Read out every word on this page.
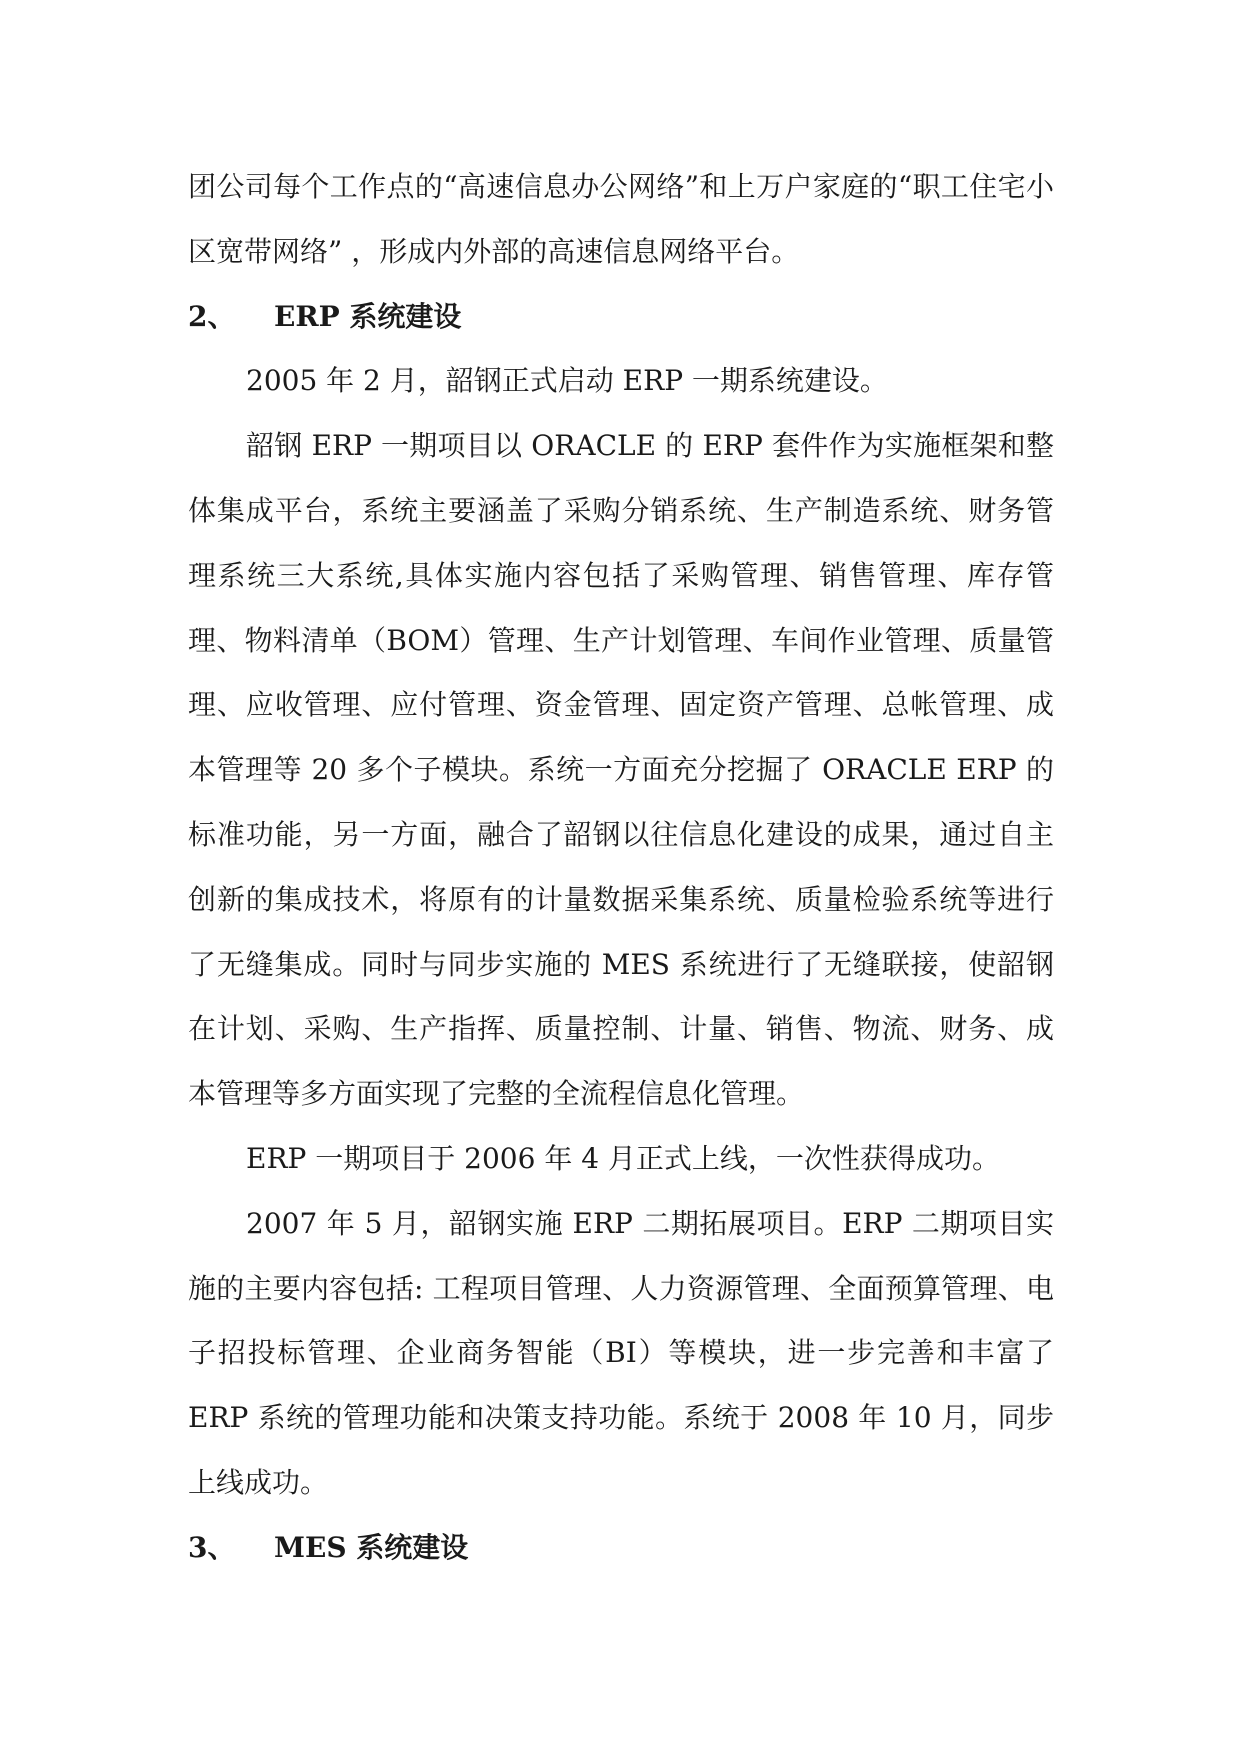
团公司每个工作点的“高速信息办公网络”和上万户家庭的“职工住宅小区宽带网络” ，形成内外部的高速信息网络平台。

2、	ERP 系统建设

2005 年 2 月，韶钢正式启动 ERP 一期系统建设。

韶钢 ERP 一期项目以 ORACLE 的 ERP 套件作为实施框架和整体集成平台，系统主要涵盖了采购分销系统、生产制造系统、财务管理系统三大系统,具体实施内容包括了采购管理、销售管理、库存管理、物料清单（BOM）管理、生产计划管理、车间作业管理、质量管理、应收管理、应付管理、资金管理、固定资产管理、总帐管理、成本管理等 20 多个子模块。系统一方面充分挖掘了 ORACLE ERP 的标准功能，另一方面，融合了韶钢以往信息化建设的成果，通过自主创新的集成技术，将原有的计量数据采集系统、质量检验系统等进行了无缝集成。同时与同步实施的 MES 系统进行了无缝联接，使韶钢在计划、采购、生产指挥、质量控制、计量、销售、物流、财务、成本管理等多方面实现了完整的全流程信息化管理。

ERP 一期项目于 2006 年 4 月正式上线，一次性获得成功。

2007 年 5 月，韶钢实施 ERP 二期拓展项目。ERP 二期项目实施的主要内容包括: 工程项目管理、人力资源管理、全面预算管理、电子招投标管理、企业商务智能（BI）等模块，进一步完善和丰富了 ERP 系统的管理功能和决策支持功能。系统于 2008 年 10 月，同步上线成功。

3、	MES 系统建设
